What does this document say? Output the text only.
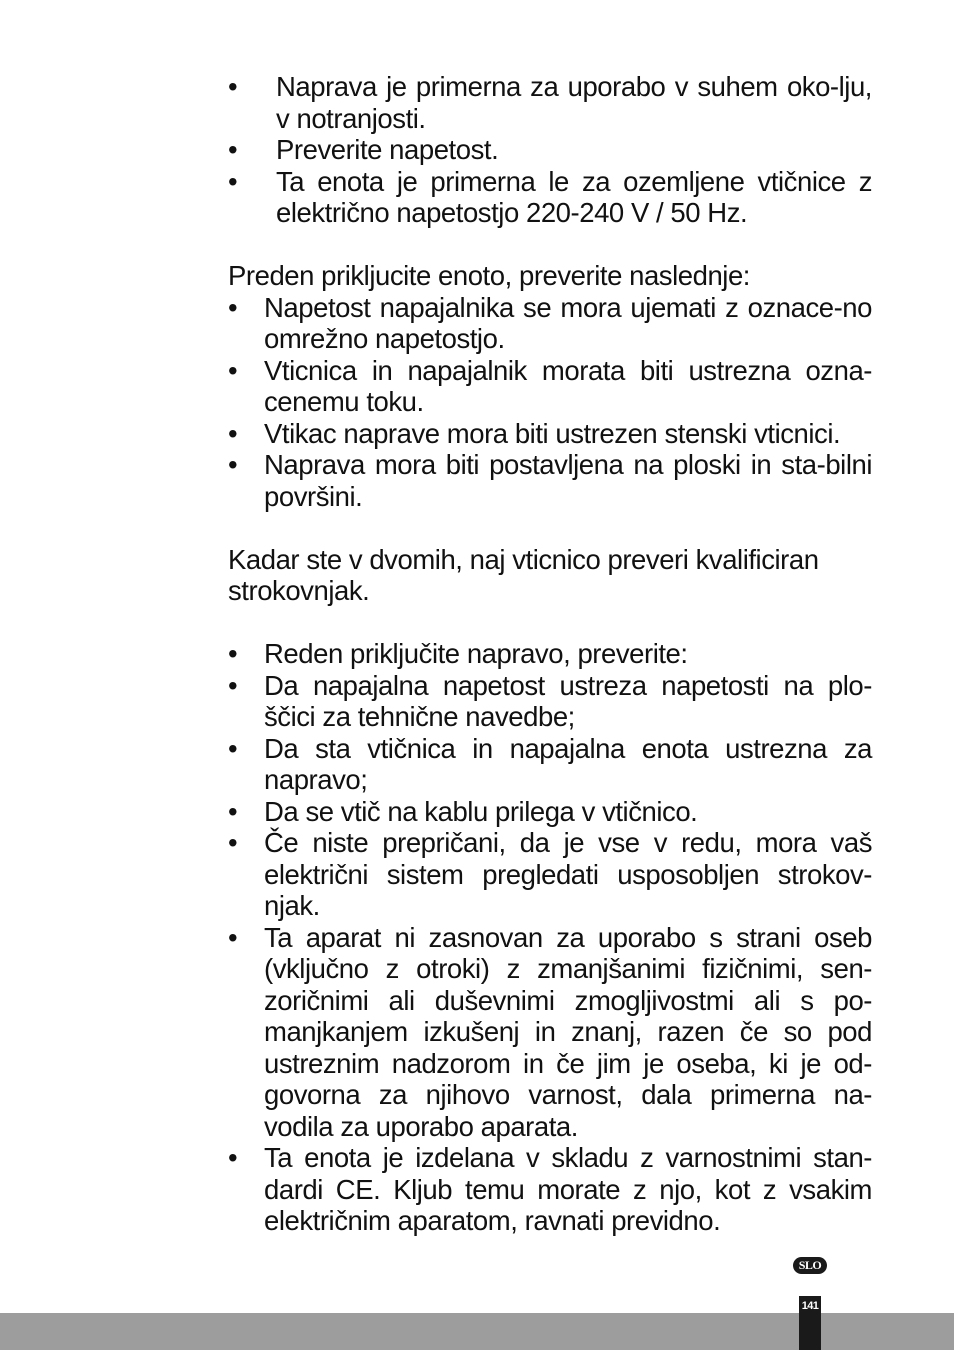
• Naprava je primerna za uporabo v suhem oko-lju, v notranjosti.
• Preverite napetost.
• Ta enota je primerna le za ozemljene vtičnice z električno napetostjo 220-240 V / 50 Hz.

Preden prikljucite enoto, preverite naslednje:

• Napetost napajalnika se mora ujemati z oznace-no omrežno napetostjo.
• Vticnica in napajalnik morata biti ustrezna ozna-cenemu toku.
• Vtikac naprave mora biti ustrezen stenski vticnici.
• Naprava mora biti postavljena na ploski in sta-bilni površini.

Kadar ste v dvomih, naj vticnico preveri kvalificiran strokovnjak.

• Reden priključite napravo, preverite:
• Da napajalna napetost ustreza napetosti na plo-ščici za tehnične navedbe;
• Da sta vtičnica in napajalna enota ustrezna za napravo;
• Da se vtič na kablu prilega v vtičnico.
• Če niste prepričani, da je vse v redu, mora vaš električni sistem pregledati usposobljen strokov-njak.
• Ta aparat ni zasnovan za uporabo s strani oseb (vključno z otroki) z zmanjšanimi fizičnimi, sen-zoričnimi ali duševnimi zmogljivostmi ali s po-manjkanjem izkušenj in znanj, razen če so pod ustreznim nadzorom in če jim je oseba, ki je od-govorna za njihovo varnost, dala primerna na-vodila za uporabo aparata.
• Ta enota je izdelana v skladu z varnostnimi stan-dardi CE. Kljub temu morate z njo, kot z vsakim električnim aparatom, ravnati previdno.
SLO
141
